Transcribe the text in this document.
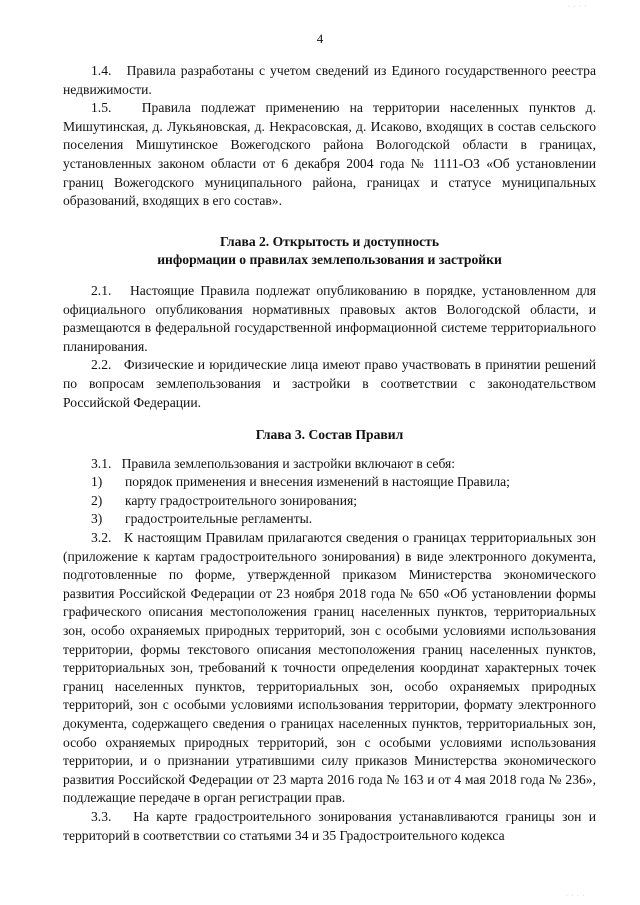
4
· · · ·

1.4.   Правила разработаны с учетом сведений из Единого государственного реестра недвижимости.

1.5.   Правила подлежат применению на территории населенных пунктов д. Мишутинская, д. Лукьяновская, д. Некрасовская, д. Исаково, входящих в состав сельского поселения Мишутинское Вожегодского района Вологодской области в границах, установленных законом области от 6 декабря 2004 года № 1111-ОЗ «Об установлении границ Вожегодского муниципального района, границах и статусе муниципальных образований, входящих в его состав».

Глава 2. Открытость и доступность
информации о правилах землепользования и застройки

2.1.   Настоящие Правила подлежат опубликованию в порядке, установленном для официального опубликования нормативных правовых актов Вологодской области, и размещаются в федеральной государственной информационной системе территориального планирования.

2.2.   Физические и юридические лица имеют право участвовать в принятии решений по вопросам землепользования и застройки в соответствии с законодательством Российской Федерации.

Глава 3. Состав Правил

3.1.   Правила землепользования и застройки включают в себя:

1)	порядок применения и внесения изменений в настоящие Правила;
2)	карту градостроительного зонирования;
3)	градостроительные регламенты.

3.2.   К настоящим Правилам прилагаются сведения о границах территориальных зон (приложение к картам градостроительного зонирования) в виде электронного документа, подготовленные по форме, утвержденной приказом Министерства экономического развития Российской Федерации от 23 ноября 2018 года № 650 «Об установлении формы графического описания местоположения границ населенных пунктов, территориальных зон, особо охраняемых природных территорий, зон с особыми условиями использования территории, формы текстового описания местоположения границ населенных пунктов, территориальных зон, требований к точности определения координат характерных точек границ населенных пунктов, территориальных зон, особо охраняемых природных территорий, зон с особыми условиями использования территории, формату электронного документа, содержащего сведения о границах населенных пунктов, территориальных зон, особо охраняемых природных территорий, зон с особыми условиями использования территории, и о признании утратившими силу приказов Министерства экономического развития Российской Федерации от 23 марта 2016 года № 163 и от 4 мая 2018 года № 236», подлежащие передаче в орган регистрации прав.

3.3.   На карте градостроительного зонирования устанавливаются границы зон и территорий в соответствии со статьями 34 и 35 Градостроительного кодекса

· · · ·
